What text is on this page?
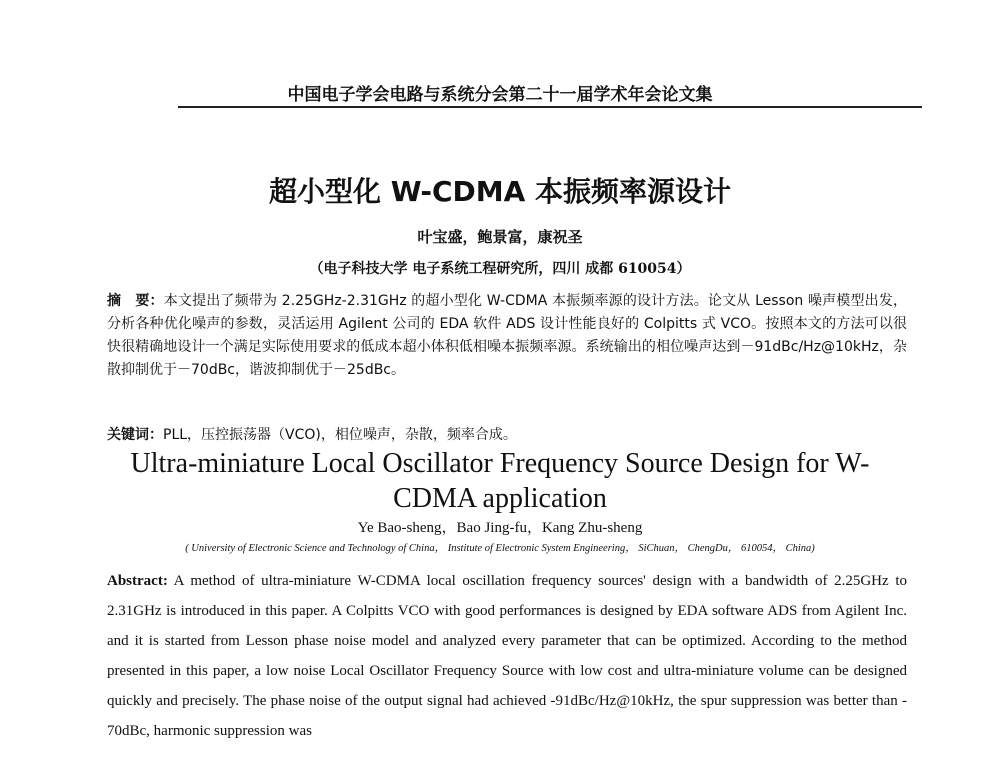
中国电子学会电路与系统分会第二十一届学术年会论文集
超小型化 W-CDMA 本振频率源设计
叶宝盛，鲍景富，康祝圣
（电子科技大学 电子系统工程研究所，四川 成都 610054）
摘　要：本文提出了频带为 2.25GHz-2.31GHz 的超小型化 W-CDMA 本振频率源的设计方法。论文从 Lesson 噪声模型出发，分析各种优化噪声的参数，灵活运用 Agilent 公司的 EDA 软件 ADS 设计性能良好的 Colpitts 式 VCO。按照本文的方法可以很快很精确地设计一个满足实际使用要求的低成本超小体积低相噪本振频率源。系统输出的相位噪声达到－91dBc/Hz@10kHz，杂散抑制优于－70dBc，谐波抑制优于－25dBc。
关键词：PLL，压控振荡器（VCO)，相位噪声，杂散，频率合成。
Ultra-miniature Local Oscillator Frequency Source Design for W-CDMA application
Ye Bao-sheng，Bao Jing-fu，Kang Zhu-sheng
( University of Electronic Science and Technology of China， Institute of Electronic System Engineering， SiChuan， ChengDu， 610054， China)
Abstract: A method of ultra-miniature W-CDMA local oscillation frequency sources' design with a bandwidth of 2.25GHz to 2.31GHz is introduced in this paper. A Colpitts VCO with good performances is designed by EDA software ADS from Agilent Inc. and it is started from Lesson phase noise model and analyzed every parameter that can be optimized. According to the method presented in this paper, a low noise Local Oscillator Frequency Source with low cost and ultra-miniature volume can be designed quickly and precisely. The phase noise of the output signal had achieved -91dBc/Hz@10kHz, the spur suppression was better than - 70dBc, harmonic suppression was
